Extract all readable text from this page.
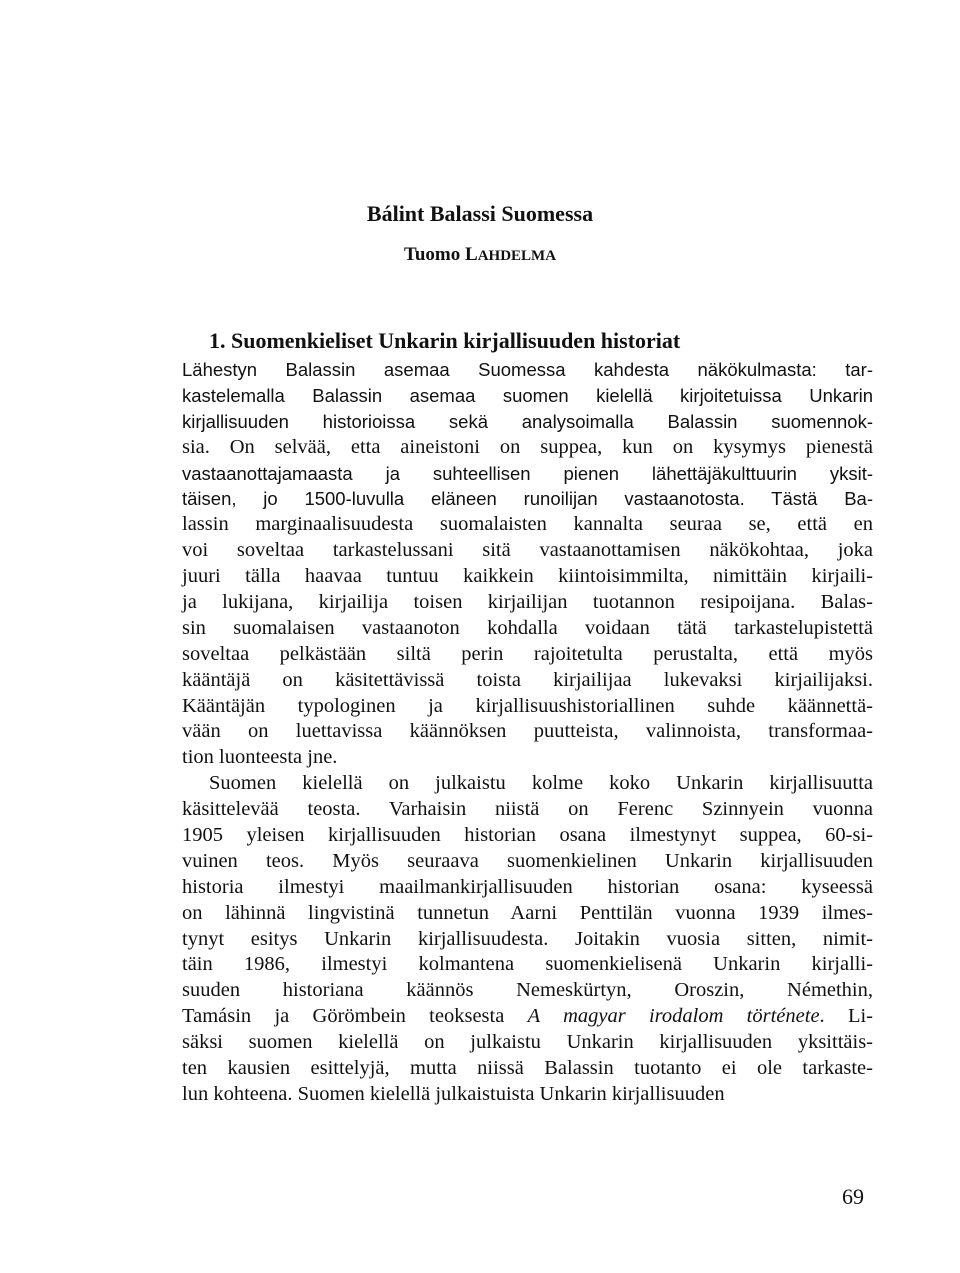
Bálint Balassi Suomessa
Tuomo LAHDELMA
1. Suomenkieliset Unkarin kirjallisuuden historiat
Lähestyn Balassin asemaa Suomessa kahdesta näkökulmasta: tar-
kastelemalla Balassin asemaa suomen kielellä kirjoitetuissa Unkarin
kirjallisuuden historioissa sekä analysoimalla Balassin suomennok-
sia. On selvää, etta aineistoni on suppea, kun on kysymys pienestä
vastaanottajamaasta ja suhteellisen pienen lähettäjäkulttuurin yksit-
täisen, jo 1500-luvulla eläneen runoilijan vastaanotosta. Tästä Ba-
lassin marginaalisuudesta suomalaisten kannalta seuraa se, että en
voi soveltaa tarkastelussani sitä vastaanottamisen näkökohtaa, joka
juuri tälla haavaa tuntuu kaikkein kiintoisimmilta, nimittäin kirjaili-
ja lukijana, kirjailija toisen kirjailijan tuotannon resipoijana. Balas-
sin suomalaisen vastaanoton kohdalla voidaan tätä tarkastelupistettä
soveltaa pelkästään siltä perin rajoitetulta perustalta, että myös
kääntäjä on käsitettävissä toista kirjailijaa lukevaksi kirjailijaksi.
Kääntäjän typologinen ja kirjallisuushistoriallinen suhde käännettä-
vään on luettavissa käännöksen puutteista, valinnoista, transformaa-
tion luonteesta jne.
Suomen kielellä on julkaistu kolme koko Unkarin kirjallisuutta
käsittelevää teosta. Varhaisin niistä on Ferenc Szinnyein vuonna
1905 yleisen kirjallisuuden historian osana ilmestynyt suppea, 60-si-
vuinen teos. Myös seuraava suomenkielinen Unkarin kirjallisuuden
historia ilmestyi maailmankirjallisuuden historian osana: kyseessä
on lähinnä lingvistinä tunnetun Aarni Penttilän vuonna 1939 ilmes-
tynyt esitys Unkarin kirjallisuudesta. Joitakin vuosia sitten, nimit-
täin 1986, ilmestyi kolmantena suomenkielisenä Unkarin kirjalli-
suuden historiana käännös Nemeskürtyn, Oroszin, Némethin,
Tamásin ja Görömbein teoksesta A magyar irodalom története. Li-
säksi suomen kielellä on julkaistu Unkarin kirjallisuuden yksittäis-
ten kausien esittelyjä, mutta niissä Balassin tuotanto ei ole tarkaste-
lun kohteena. Suomen kielellä julkaistuista Unkarin kirjallisuuden
69
